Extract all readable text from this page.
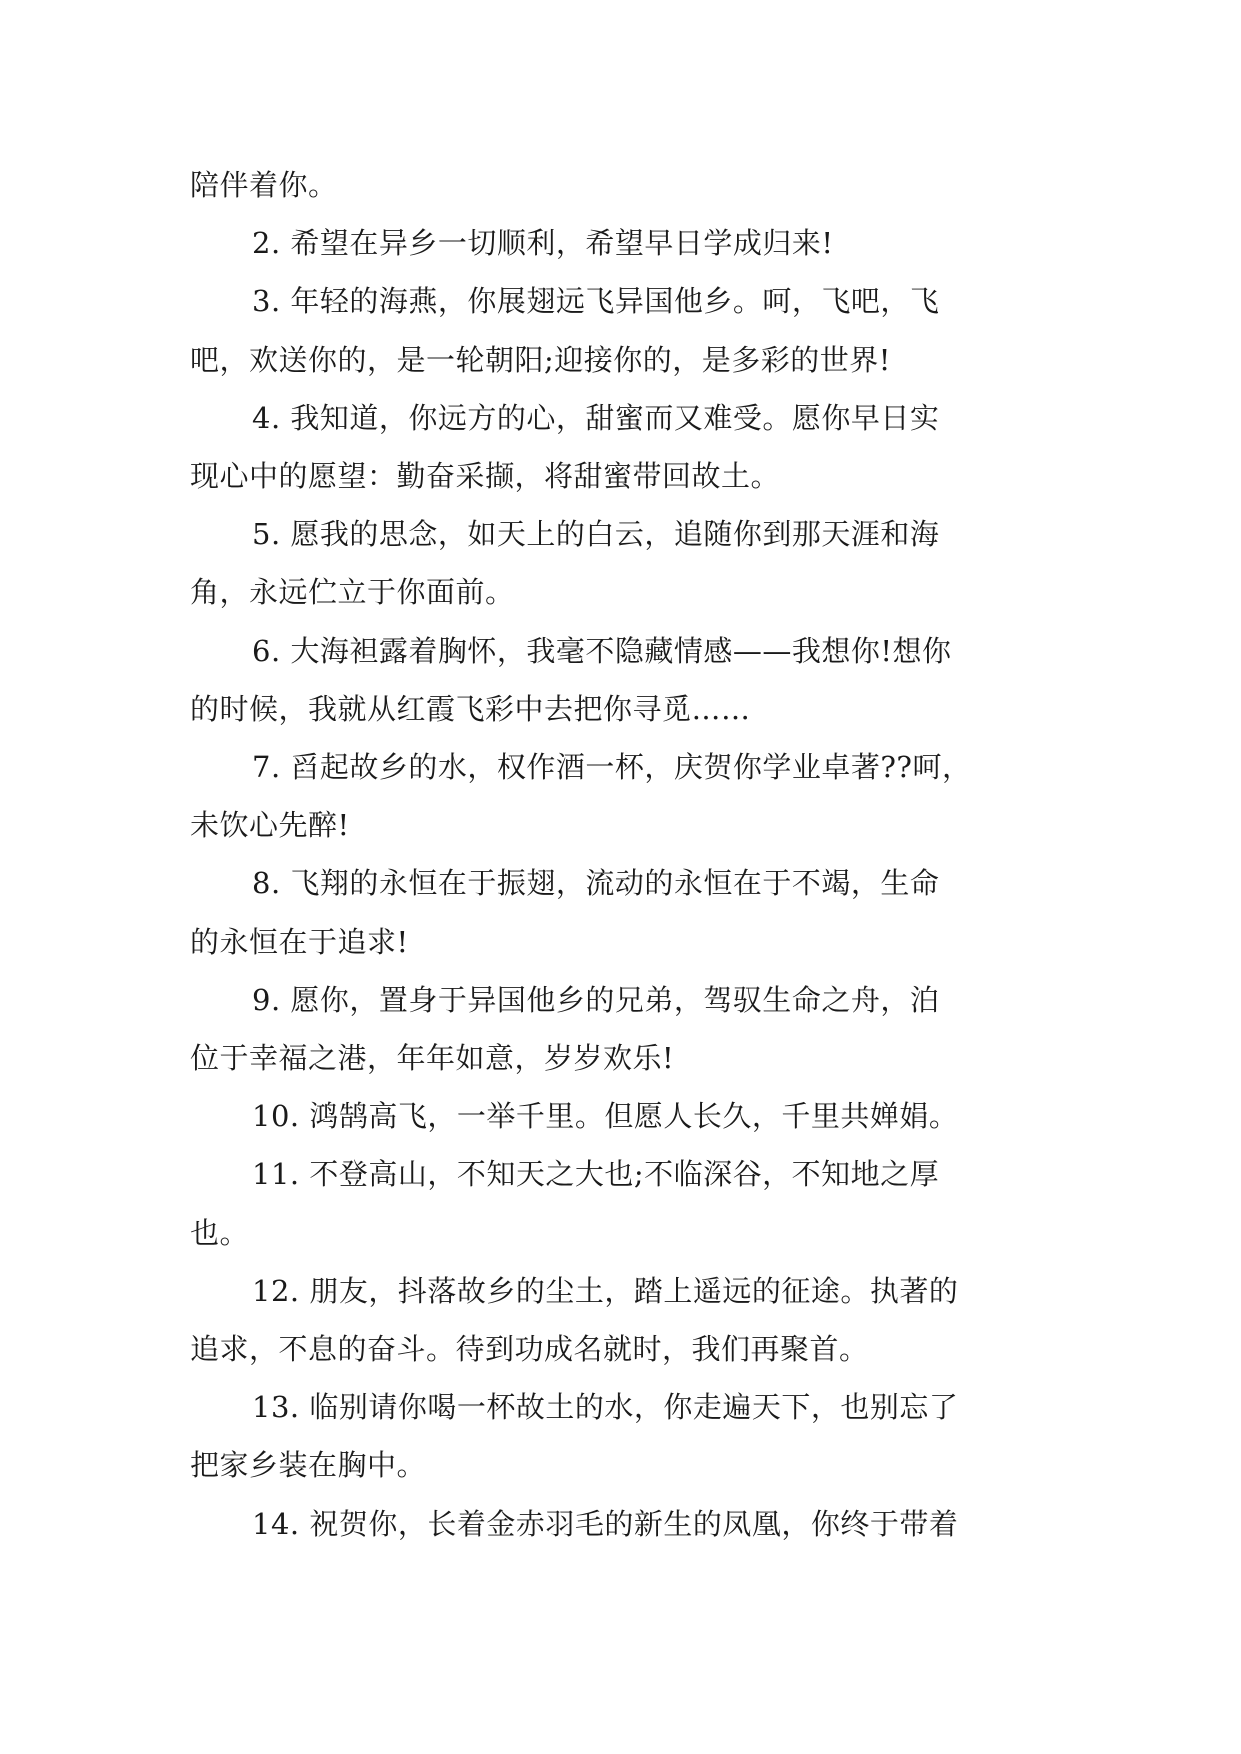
陪伴着你。

2. 希望在异乡一切顺利，希望早日学成归来!

3. 年轻的海燕，你展翅远飞异国他乡。呵，飞吧，飞

吧，欢送你的，是一轮朝阳;迎接你的，是多彩的世界!

4. 我知道，你远方的心，甜蜜而又难受。愿你早日实

现心中的愿望：勤奋采撷，将甜蜜带回故土。

5. 愿我的思念，如天上的白云，追随你到那天涯和海

角，永远伫立于你面前。

6. 大海袒露着胸怀，我毫不隐藏情感——我想你!想你

的时候，我就从红霞飞彩中去把你寻觅……

7. 舀起故乡的水，权作酒一杯，庆贺你学业卓著??呵，

未饮心先醉!

8. 飞翔的永恒在于振翅，流动的永恒在于不竭，生命

的永恒在于追求!

9. 愿你，置身于异国他乡的兄弟，驾驭生命之舟，泊

位于幸福之港，年年如意，岁岁欢乐!

10. 鸿鹄高飞，一举千里。但愿人长久，千里共婵娟。

11. 不登高山，不知天之大也;不临深谷，不知地之厚

也。

12. 朋友，抖落故乡的尘土，踏上遥远的征途。执著的

追求，不息的奋斗。待到功成名就时，我们再聚首。

13. 临别请你喝一杯故土的水，你走遍天下，也别忘了

把家乡装在胸中。

14. 祝贺你，长着金赤羽毛的新生的凤凰，你终于带着
